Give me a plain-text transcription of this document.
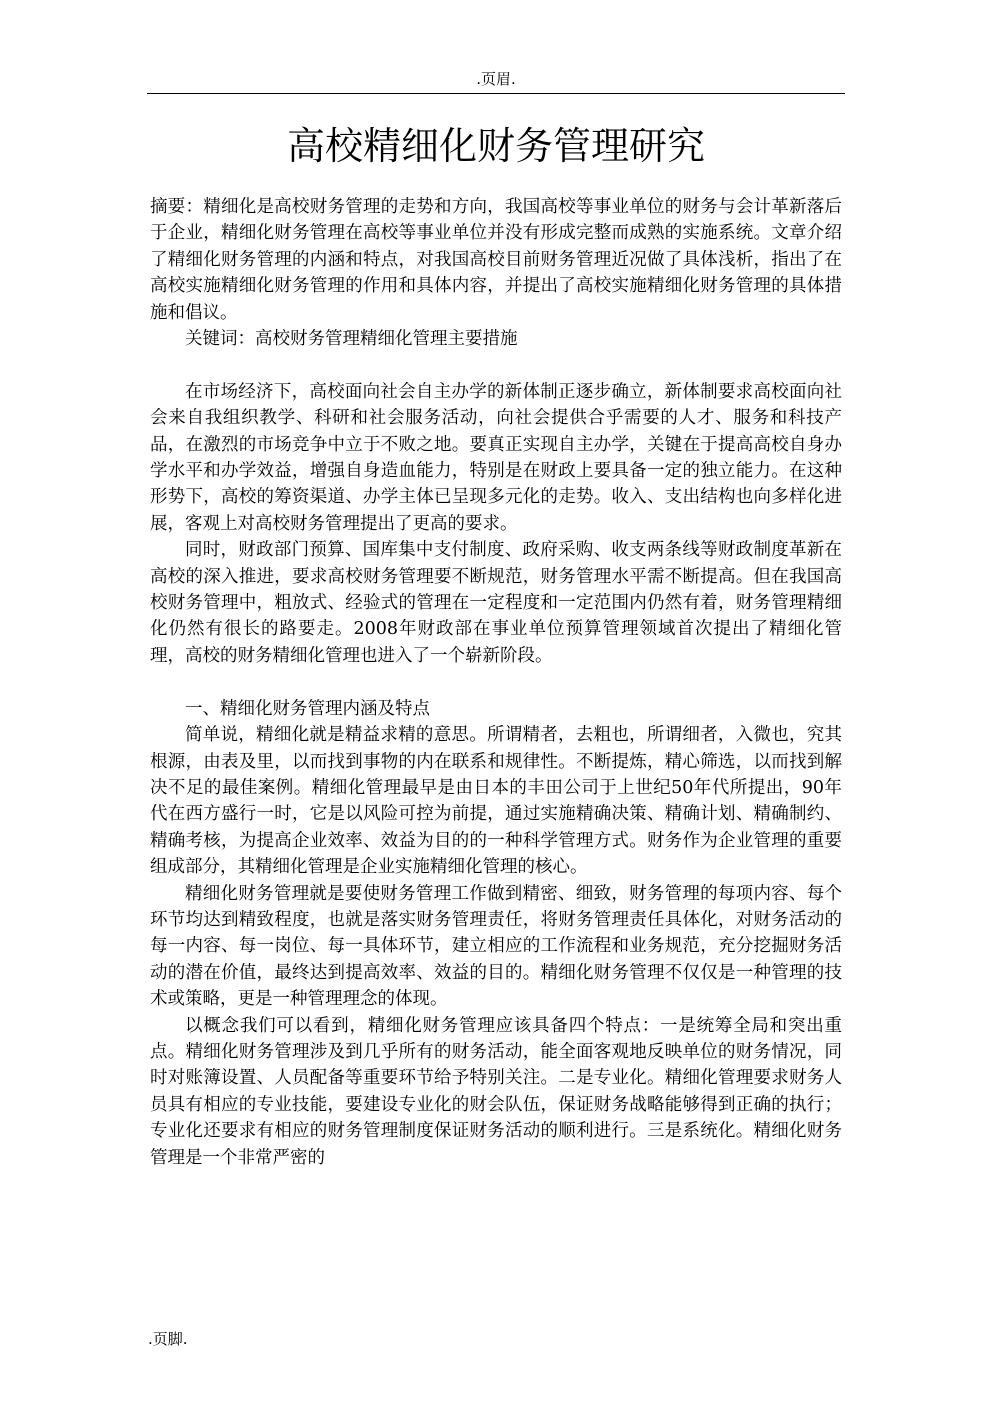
.页眉.
高校精细化财务管理研究

摘要：精细化是高校财务管理的走势和方向，我国高校等事业单位的财务与会计革新落后于企业，精细化财务管理在高校等事业单位并没有形成完整而成熟的实施系统。文章介绍了精细化财务管理的内涵和特点，对我国高校目前财务管理近况做了具体浅析，指出了在高校实施精细化财务管理的作用和具体内容，并提出了高校实施精细化财务管理的具体措施和倡议。

关键词：高校财务管理精细化管理主要措施

在市场经济下，高校面向社会自主办学的新体制正逐步确立，新体制要求高校面向社会来自我组织教学、科研和社会服务活动，向社会提供合乎需要的人才、服务和科技产品，在激烈的市场竞争中立于不败之地。要真正实现自主办学，关键在于提高高校自身办学水平和办学效益，增强自身造血能力，特别是在财政上要具备一定的独立能力。在这种形势下，高校的筹资渠道、办学主体已呈现多元化的走势。收入、支出结构也向多样化进展，客观上对高校财务管理提出了更高的要求。

同时，财政部门预算、国库集中支付制度、政府采购、收支两条线等财政制度革新在高校的深入推进，要求高校财务管理要不断规范，财务管理水平需不断提高。但在我国高校财务管理中，粗放式、经验式的管理在一定程度和一定范围内仍然有着，财务管理精细化仍然有很长的路要走。2008年财政部在事业单位预算管理领域首次提出了精细化管理，高校的财务精细化管理也进入了一个崭新阶段。

一、精细化财务管理内涵及特点

简单说，精细化就是精益求精的意思。所谓精者，去粗也，所谓细者，入微也，究其根源，由表及里，以而找到事物的内在联系和规律性。不断提炼，精心筛选，以而找到解决不足的最佳案例。精细化管理最早是由日本的丰田公司于上世纪50年代所提出，90年代在西方盛行一时，它是以风险可控为前提，通过实施精确决策、精确计划、精确制约、精确考核，为提高企业效率、效益为目的的一种科学管理方式。财务作为企业管理的重要组成部分，其精细化管理是企业实施精细化管理的核心。

精细化财务管理就是要使财务管理工作做到精密、细致，财务管理的每项内容、每个环节均达到精致程度，也就是落实财务管理责任，将财务管理责任具体化，对财务活动的每一内容、每一岗位、每一具体环节，建立相应的工作流程和业务规范，充分挖掘财务活动的潜在价值，最终达到提高效率、效益的目的。精细化财务管理不仅仅是一种管理的技术或策略，更是一种管理理念的体现。

以概念我们可以看到，精细化财务管理应该具备四个特点：一是统筹全局和突出重点。精细化财务管理涉及到几乎所有的财务活动，能全面客观地反映单位的财务情况，同时对账簿设置、人员配备等重要环节给予特别关注。二是专业化。精细化管理要求财务人员具有相应的专业技能，要建设专业化的财会队伍，保证财务战略能够得到正确的执行；专业化还要求有相应的财务管理制度保证财务活动的顺利进行。三是系统化。精细化财务管理是一个非常严密的

.页脚.
